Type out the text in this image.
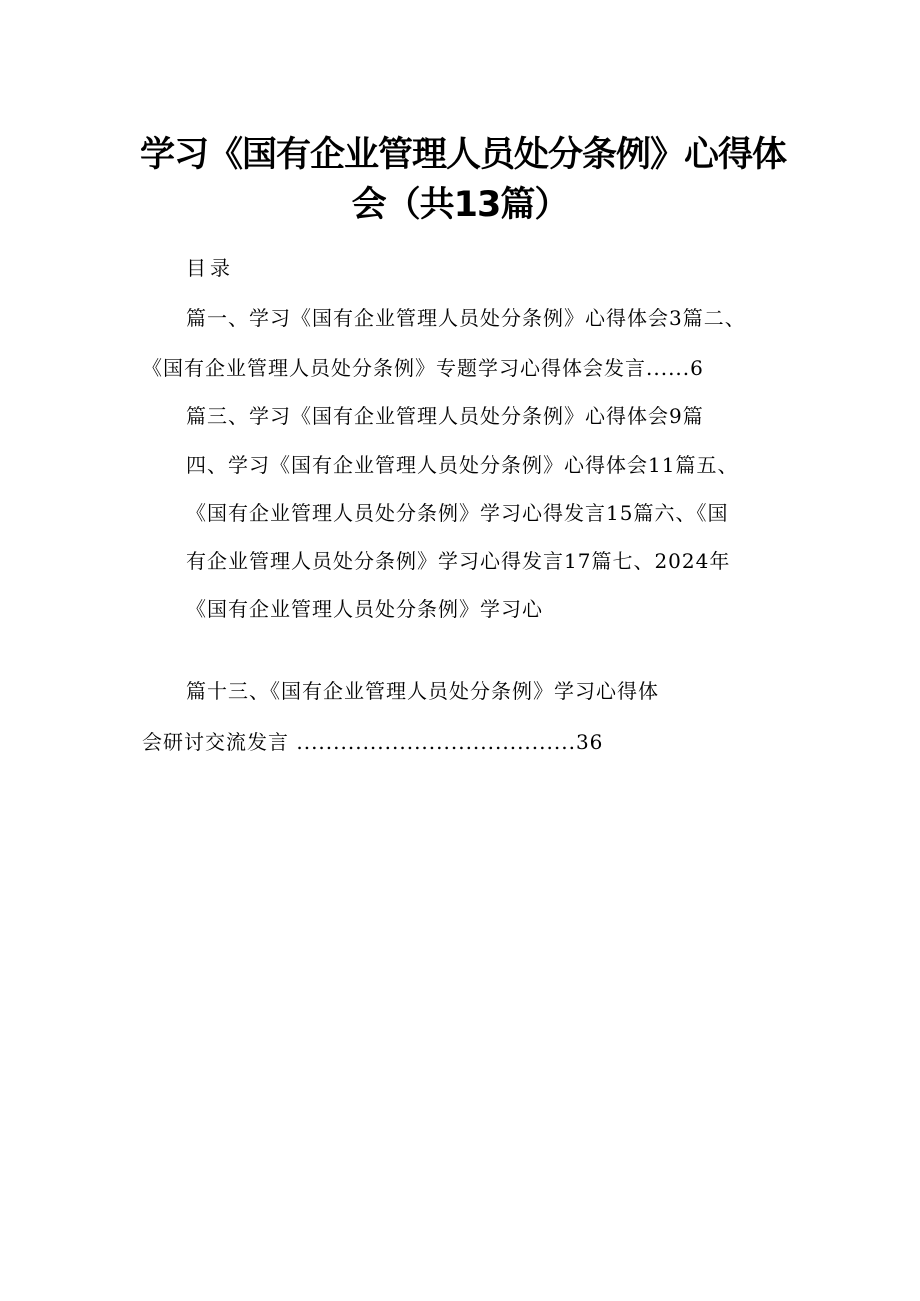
学习《国有企业管理人员处分条例》心得体
会（共13篇）
目录
篇一、学习《国有企业管理人员处分条例》心得体会3篇二、
《国有企业管理人员处分条例》专题学习心得体会发言......6
篇三、学习《国有企业管理人员处分条例》心得体会9篇
四、学习《国有企业管理人员处分条例》心得体会11篇五、
《国有企业管理人员处分条例》学习心得发言15篇六、《国
有企业管理人员处分条例》学习心得发言17篇七、2024年
《国有企业管理人员处分条例》学习心
篇十三、《国有企业管理人员处分条例》学习心得体
会研讨交流发言 ......................................36
